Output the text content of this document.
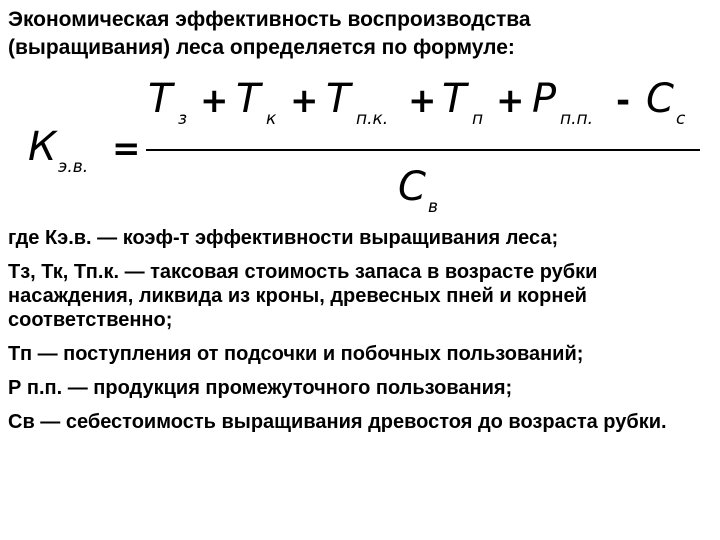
Экономическая эффективность воспроизводства
(выращивания) леса определяется по формуле:
К э.в. =
Т з + Т к + Т п.к. + Т п + Р п.п. - С с
С в

где Кэ.в. — коэф-т эффективности выращивания леса;

Тз, Тк, Тп.к. — таксовая стоимость запаса в возрасте рубки насаждения, ликвида из кроны, древесных пней и корней соответственно;

Тп — поступления от подсочки и побочных пользований;

Р п.п. — продукция промежуточного пользования;

Св — себестоимость выращивания древостоя до возраста рубки.
